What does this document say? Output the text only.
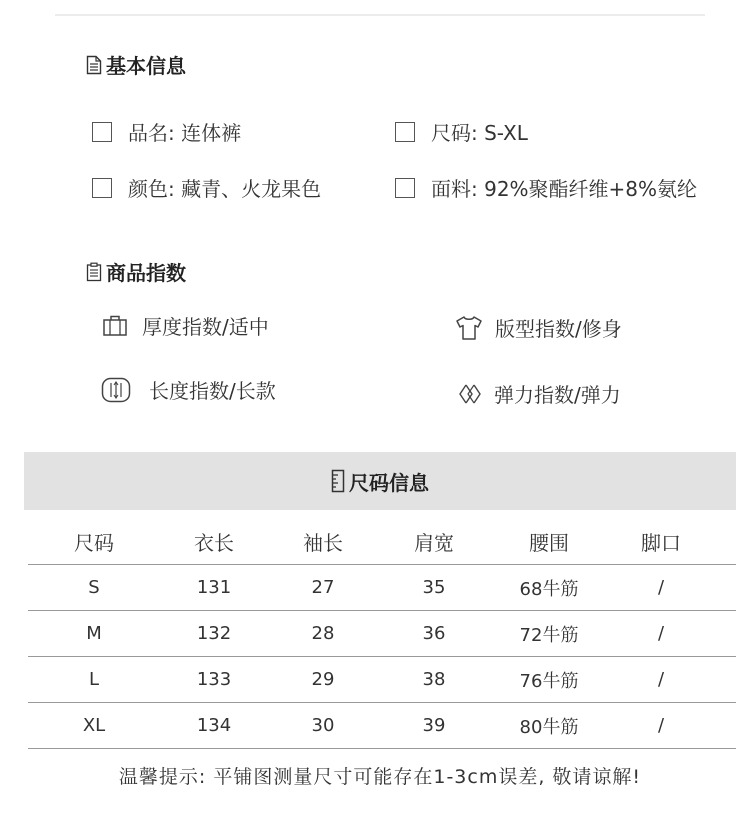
基本信息
品名: 连体裤	尺码: S-XL
颜色: 藏青、火龙果色	面料: 92%聚酯纤维+8%氨纶
商品指数
厚度指数/适中	版型指数/修身
长度指数/长款	弹力指数/弹力
尺码信息
尺码	衣长	袖长	肩宽	腰围	脚口	
S	131	27	35	68牛筋	/	
M	132	28	36	72牛筋	/	
L	133	29	38	76牛筋	/	
XL	134	30	39	80牛筋	/	
温馨提示: 平铺图测量尺寸可能存在1-3cm误差, 敬请谅解!
